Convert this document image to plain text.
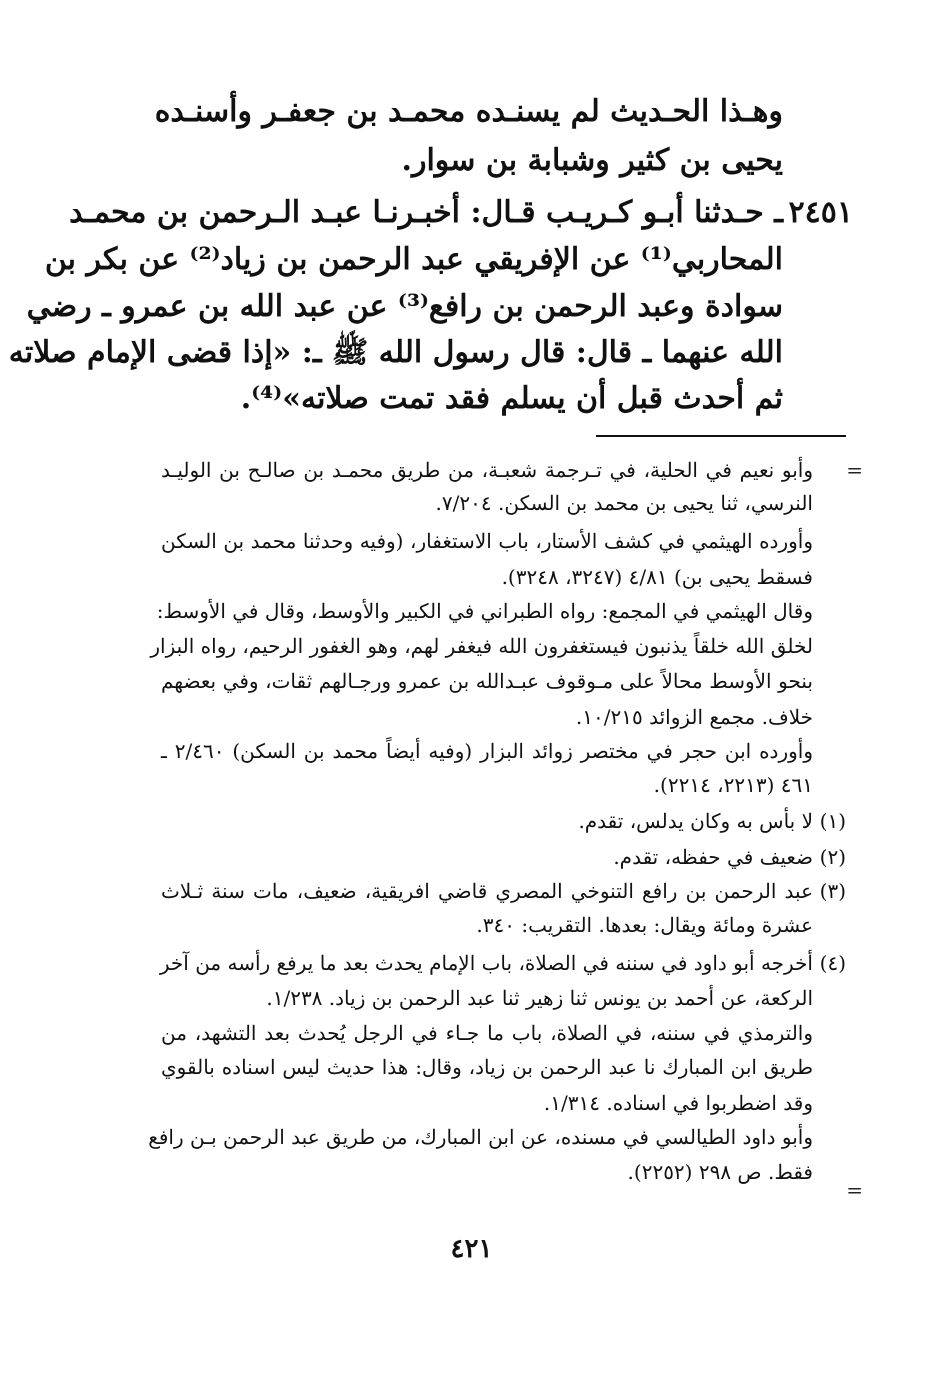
وهـذا الحـديث لم يسنـده محمـد بن جعفـر وأسنـده
يحيى بن كثير وشبابة بن سوار.
ـ حـدثنا أبـو كـريـب قـال: أخبـرنـا عبـد الـرحمن بن محمـد
المحاربي⁽¹⁾ عن الإفريقي عبد الرحمن بن زياد⁽²⁾ عن بكر بن
سوادة وعبد الرحمن بن رافع⁽³⁾ عن عبد الله بن عمرو ـ رضي
الله عنهما ـ قال: قال رسول الله ﷺ ـ: «إذا قضى الإمام صلاته
ثم أحدث قبل أن يسلم فقد تمت صلاته»⁽⁴⁾.
٢٤٥١
=
=
وأبو نعيم في الحلية، في تـرجمة شعبـة، من طريق محمـد بن صالـح بن الوليـد
النرسي، ثنا يحيى بن محمد بن السكن. ٧/٢٠٤.
وأورده الهيثمي في كشف الأستار، باب الاستغفار، (وفيه وحدثنا محمد بن السكن
فسقط يحيى بن) ٤/٨١ (٣٢٤٧، ٣٢٤٨).
وقال الهيثمي في المجمع: رواه الطبراني في الكبير والأوسط، وقال في الأوسط:
لخلق الله خلقاً يذنبون فيستغفرون الله فيغفر لهم، وهو الغفور الرحيم، رواه البزار
بنحو الأوسط محالاً على مـوقوف عبـدالله بن عمرو ورجـالهم ثقات، وفي بعضهم
خلاف. مجمع الزوائد ١٠/٢١٥.
وأورده ابن حجر في مختصر زوائد البزار (وفيه أيضاً محمد بن السكن) ٢/٤٦٠ ـ
٤٦١ (٢٢١٣، ٢٢١٤).
(١)
لا بأس به وكان يدلس، تقدم.
(٢)
ضعيف في حفظه، تقدم.
(٣)
عبد الرحمن بن رافع التنوخي المصري قاضي افريقية، ضعيف، مات سنة ثـلاث
عشرة ومائة ويقال: بعدها. التقريب: ٣٤٠.
(٤)
أخرجه أبو داود في سننه في الصلاة، باب الإمام يحدث بعد ما يرفع رأسه من آخر
الركعة، عن أحمد بن يونس ثنا زهير ثنا عبد الرحمن بن زياد. ١/٢٣٨.
والترمذي في سننه، في الصلاة، باب ما جـاء في الرجل يُحدث بعد التشهد، من
طريق ابن المبارك نا عبد الرحمن بن زياد، وقال: هذا حديث ليس اسناده بالقوي
وقد اضطربوا في اسناده. ١/٣١٤.
وأبو داود الطيالسي في مسنده، عن ابن المبارك، من طريق عبد الرحمن بـن رافع
فقط. ص ٢٩٨ (٢٢٥٢).
٤٢١
